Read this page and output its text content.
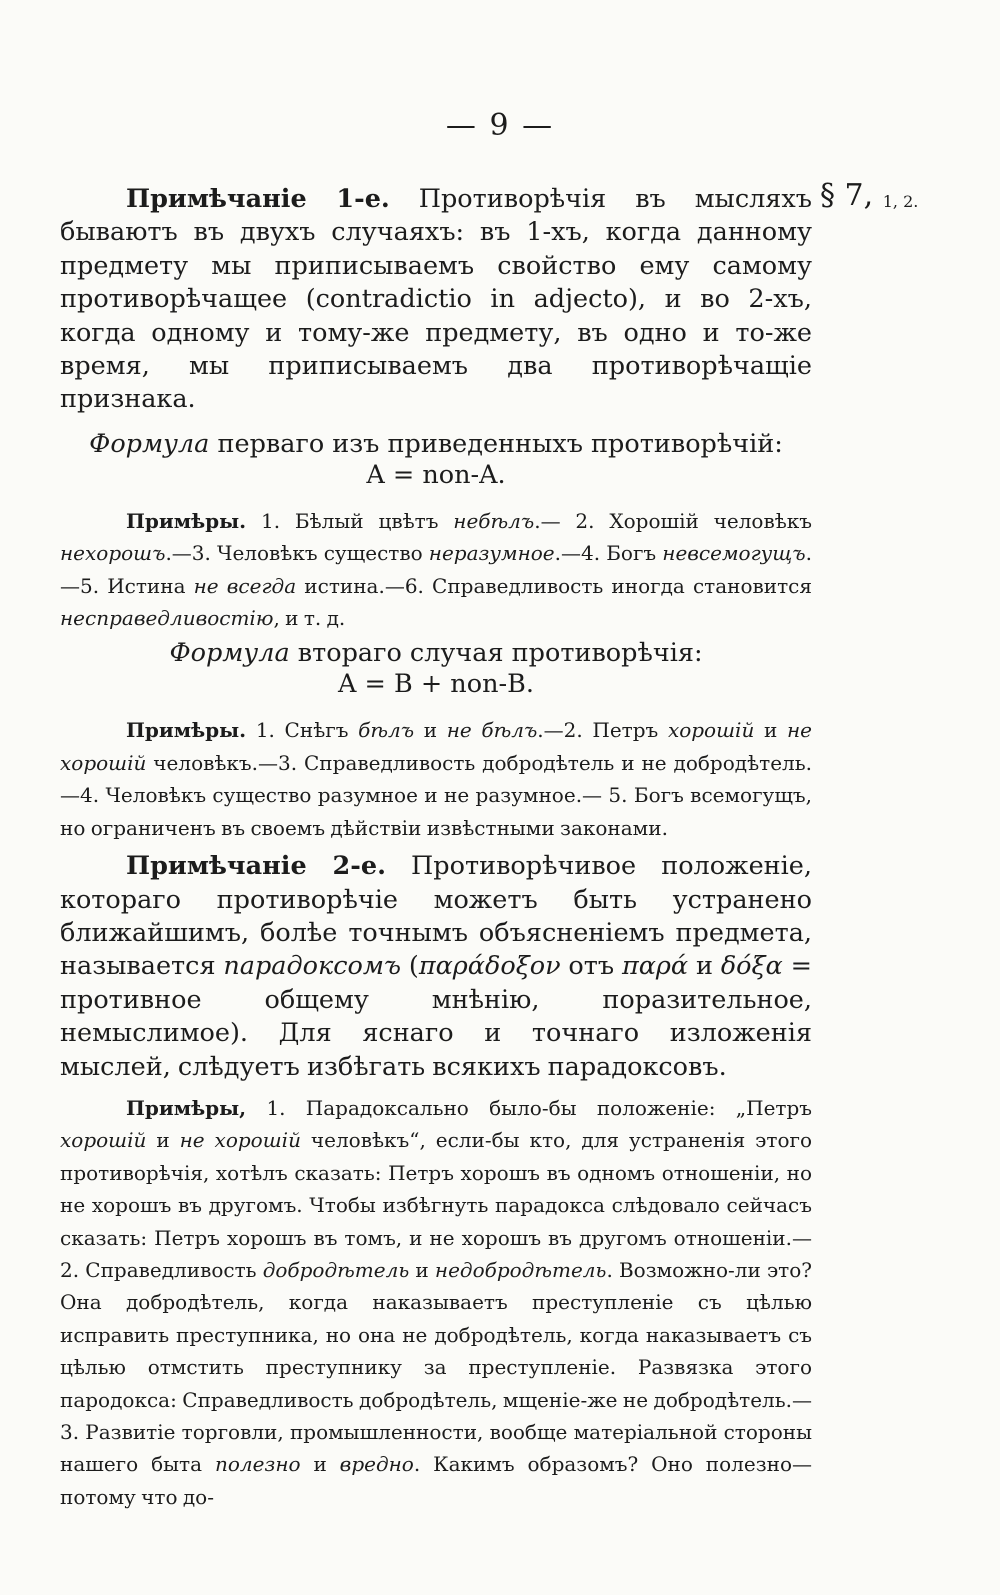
— 9 —
§ 7, 1, 2.

Примѣчаніе 1-е. Противорѣчія въ мысляхъ бываютъ въ двухъ случаяхъ: въ 1-хъ, когда данному предмету мы приписываемъ свойство ему самому противорѣчащее (contradictio in adjecto), и во 2-хъ, когда одному и тому-же предмету, въ одно и то-же время, мы приписываемъ два противорѣчащіе признака.

Формула перваго изъ приведенныхъ противорѣчій:

A = non-A.

Примѣры. 1. Бѣлый цвѣтъ небѣлъ.— 2. Хорошій человѣкъ нехорошъ.—3. Человѣкъ существо неразумное.—4. Богъ невсемогущъ.—5. Истина не всегда истина.—6. Справедливость иногда становится несправедливостію, и т. д.

Формула втораго случая противорѣчія:

A = B + non-B.

Примѣры. 1. Снѣгъ бѣлъ и не бѣлъ.—2. Петръ хорошій и не хорошій человѣкъ.—3. Справедливость добродѣтель и не добродѣтель.—4. Человѣкъ существо разумное и не разумное.— 5. Богъ всемогущъ, но ограниченъ въ своемъ дѣйствіи извѣстными законами.

Примѣчаніе 2-е. Противорѣчивое положеніе, котораго противорѣчіе можетъ быть устранено ближайшимъ, болѣе точнымъ объясненіемъ предмета, называется парадоксомъ (παράδοξον отъ παρά и δόξα = противное общему мнѣнію, поразительное, немыслимое). Для яснаго и точнаго изложенія мыслей, слѣдуетъ избѣгать всякихъ парадоксовъ.

Примѣры, 1. Парадоксально было-бы положеніе: „Петръ хорошій и не хорошій человѣкъ“, если-бы кто, для устраненія этого противорѣчія, хотѣлъ сказать: Петръ хорошъ въ одномъ отношеніи, но не хорошъ въ другомъ. Чтобы избѣгнуть парадокса слѣдовало сейчасъ сказать: Петръ хорошъ въ томъ, и не хорошъ въ другомъ отношеніи.—2. Справедливость добродѣтель и недобродѣтель. Возможно-ли это? Она добродѣтель, когда наказываетъ преступленіе съ цѣлью исправить преступника, но она не добродѣтель, когда наказываетъ съ цѣлью отмстить преступнику за преступленіе. Развязка этого пародокса: Справедливость добродѣтель, мщеніе-же не добродѣтель.—3. Развитіе торговли, промышленности, вообще матеріальной стороны нашего быта полезно и вредно. Какимъ образомъ? Оно полезно—потому что до-
